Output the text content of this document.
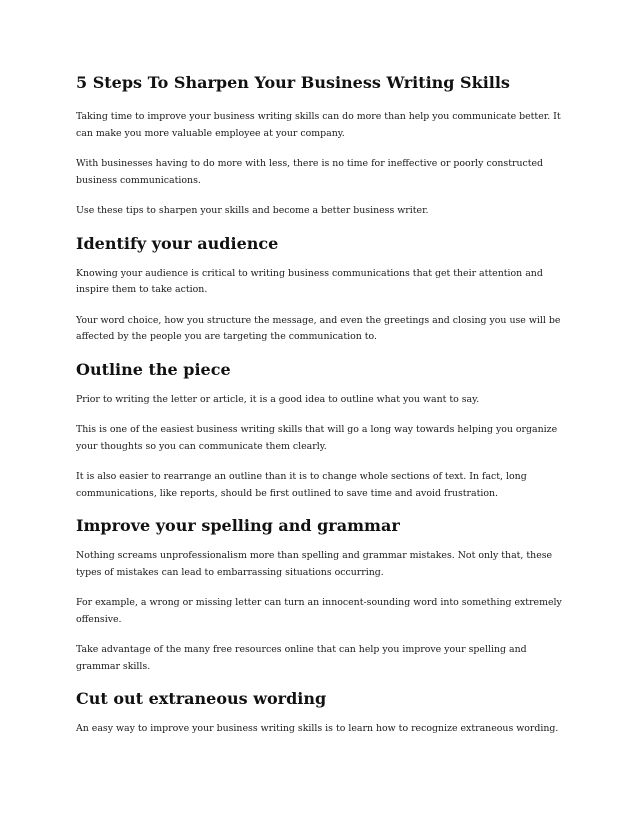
5 Steps To Sharpen Your Business Writing Skills

Taking time to improve your business writing skills can do more than help you communicate better. It can make you more valuable employee at your company.

With businesses having to do more with less, there is no time for ineffective or poorly constructed business communications.

Use these tips to sharpen your skills and become a better business writer.

Identify your audience

Knowing your audience is critical to writing business communications that get their attention and inspire them to take action.

Your word choice, how you structure the message, and even the greetings and closing you use will be affected by the people you are targeting the communication to.

Outline the piece

Prior to writing the letter or article, it is a good idea to outline what you want to say.

This is one of the easiest business writing skills that will go a long way towards helping you organize your thoughts so you can communicate them clearly.

It is also easier to rearrange an outline than it is to change whole sections of text. In fact, long communications, like reports, should be first outlined to save time and avoid frustration.

Improve your spelling and grammar

Nothing screams unprofessionalism more than spelling and grammar mistakes. Not only that, these types of mistakes can lead to embarrassing situations occurring.

For example, a wrong or missing letter can turn an innocent-sounding word into something extremely offensive.

Take advantage of the many free resources online that can help you improve your spelling and grammar skills.

Cut out extraneous wording

An easy way to improve your business writing skills is to learn how to recognize extraneous wording.
